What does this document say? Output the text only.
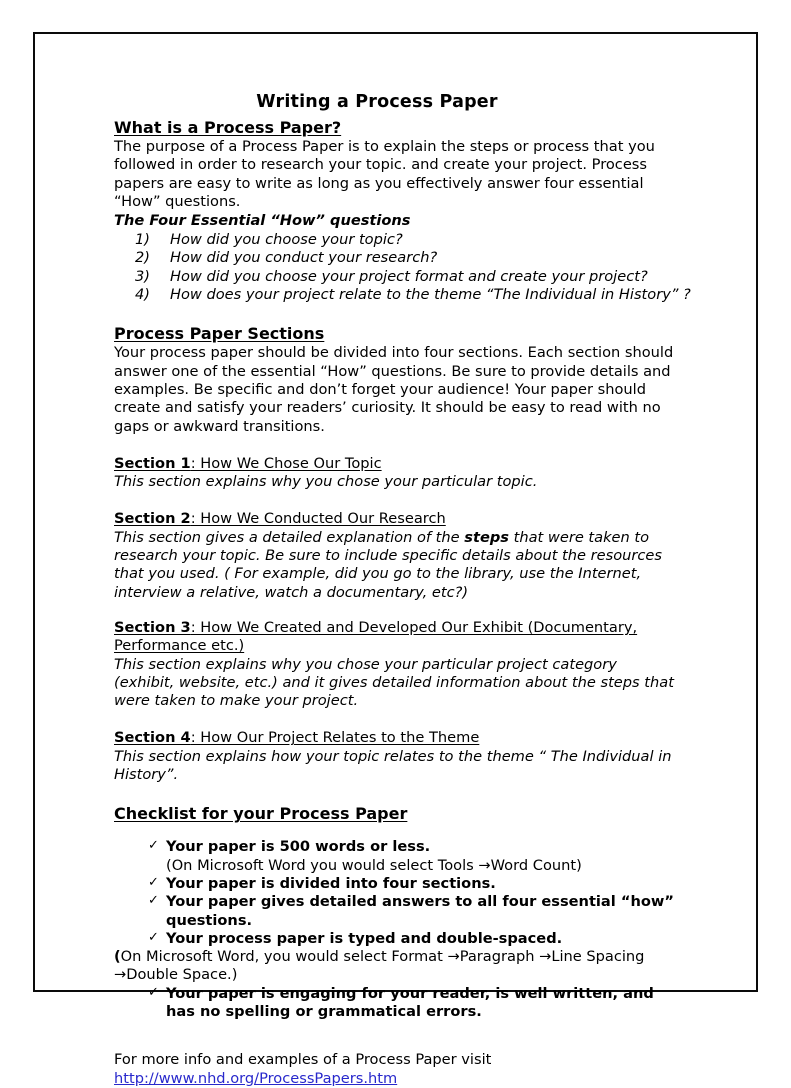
Writing a Process Paper
What is a Process Paper?

The purpose of a Process Paper is to explain the steps or process that you followed in order to research your topic. and create your project. Process papers are easy to write as long as you effectively answer four essential “How” questions.

The Four Essential “How” questions
1) How did you choose your topic?
2) How did you conduct your research?
3) How did you choose your project format and create your project?
4) How does your project relate to the theme “The Individual in History” ?
Process Paper Sections

Your process paper should be divided into four sections. Each section should answer one of the essential “How” questions. Be sure to provide details and examples. Be specific and don’t forget your audience! Your paper should create and satisfy your readers’ curiosity. It should be easy to read with no gaps or awkward transitions.

Section 1: How We Chose Our Topic

This section explains why you chose your particular topic.

Section 2: How We Conducted Our Research

This section gives a detailed explanation of the steps that were taken to research your topic. Be sure to include specific details about the resources that you used. ( For example, did you go to the library, use the Internet, interview a relative, watch a documentary, etc?)

Section 3: How We Created and Developed Our Exhibit (Documentary, Performance etc.)

This section explains why you chose your particular project category (exhibit, website, etc.) and it gives detailed information about the steps that were taken to make your project.

Section 4: How Our Project Relates to the Theme

This section explains how your topic relates to the theme “ The Individual in History”.

Checklist for your Process Paper
✓ Your paper is 500 words or less.
(On Microsoft Word you would select Tools →Word Count)
✓ Your paper is divided into four sections.
✓ Your paper gives detailed answers to all four essential “how” questions.
✓ Your process paper is typed and double-spaced.
(On Microsoft Word, you would select Format →Paragraph →Line Spacing →Double Space.)
✓ Your paper is engaging for your reader, is well written, and has no spelling or grammatical errors.
For more info and examples of a Process Paper visit http://www.nhd.org/ProcessPapers.htm
